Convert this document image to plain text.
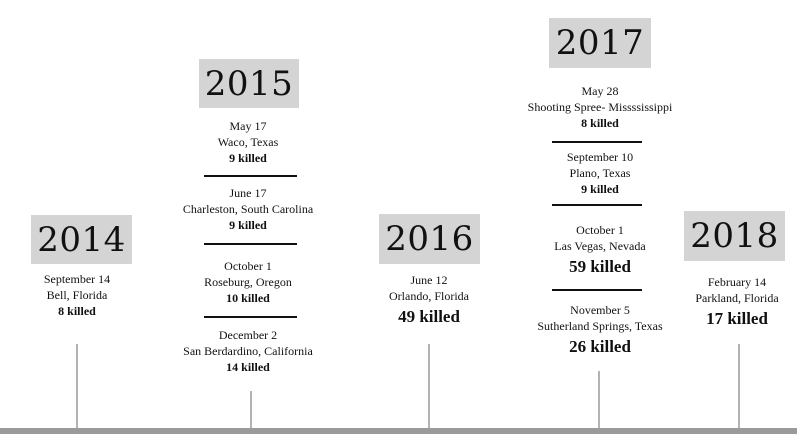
2014
September 14
Bell, Florida
8 killed
2015
May 17
Waco, Texas
9 killed
June 17
Charleston, South Carolina
9 killed
October 1
Roseburg, Oregon
10 killed
December 2
San Berdardino, California
14 killed
2016
June 12
Orlando, Florida
49 killed
2017
May 28
Shooting Spree- Missssissippi
8 killed
September 10
Plano, Texas
9 killed
October 1
Las Vegas, Nevada
59 killed
November 5
Sutherland Springs, Texas
26 killed
2018
February 14
Parkland, Florida
17 killed
